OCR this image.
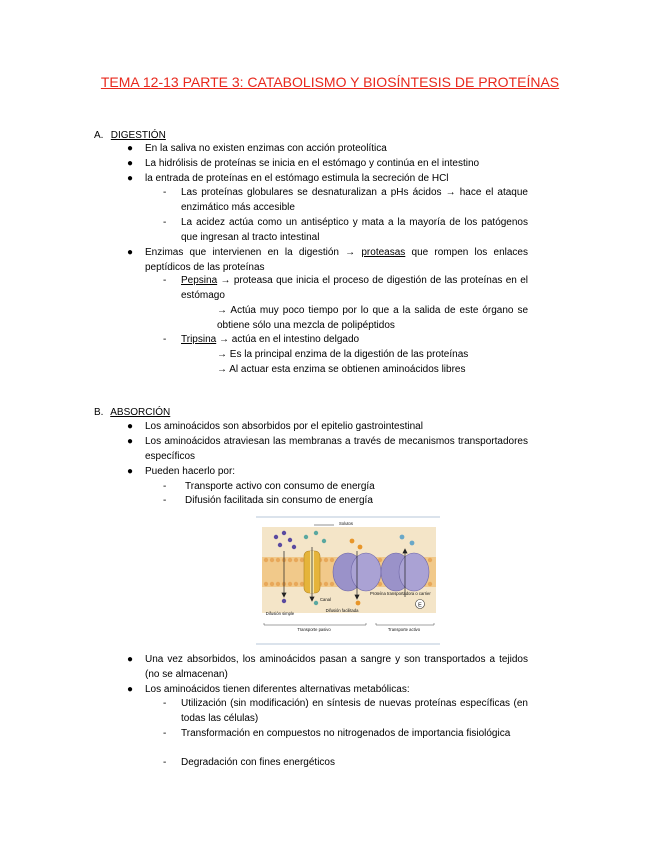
TEMA 12-13 PARTE 3: CATABOLISMO Y BIOSÍNTESIS DE PROTEÍNAS
A. DIGESTIÓN
● En la saliva no existen enzimas con acción proteolítica
● La hidrólisis de proteínas se inicia en el estómago y continúa en el intestino
● la entrada de proteínas en el estómago estimula la secreción de HCl
- Las proteínas globulares se desnaturalizan a pHs ácidos → hace el ataque enzimático más accesible
- La acidez actúa como un antiséptico y mata a la mayoría de los patógenos que ingresan al tracto intestinal
● Enzimas que intervienen en la digestión → proteasas que rompen los enlaces peptídicos de las proteínas
- Pepsina → proteasa que inicia el proceso de digestión de las proteínas en el estómago
→ Actúa muy poco tiempo por lo que a la salida de este órgano se obtiene sólo una mezcla de polipéptidos
- Tripsina → actúa en el intestino delgado
→ Es la principal enzima de la digestión de las proteínas
→ Al actuar esta enzima se obtienen aminoácidos libres
B. ABSORCIÓN
● Los aminoácidos son absorbidos por el epitelio gastrointestinal
● Los aminoácidos atraviesan las membranas a través de mecanismos transportadores específicos
● Pueden hacerlo por:
- Transporte activo con consumo de energía
- Difusión facilitada sin consumo de energía
E
Solutos
Canal
Proteína transportadora o carrier
Difusión simple
Difusión facilitada
Transporte pasivo	Transporte activo
● Una vez absorbidos, los aminoácidos pasan a sangre y son transportados a tejidos (no se almacenan)
● Los aminoácidos tienen diferentes alternativas metabólicas:
- Utilización (sin modificación) en síntesis de nuevas proteínas específicas (en todas las células)
- Transformación en compuestos no nitrogenados de importancia fisiológica
- Degradación con fines energéticos
